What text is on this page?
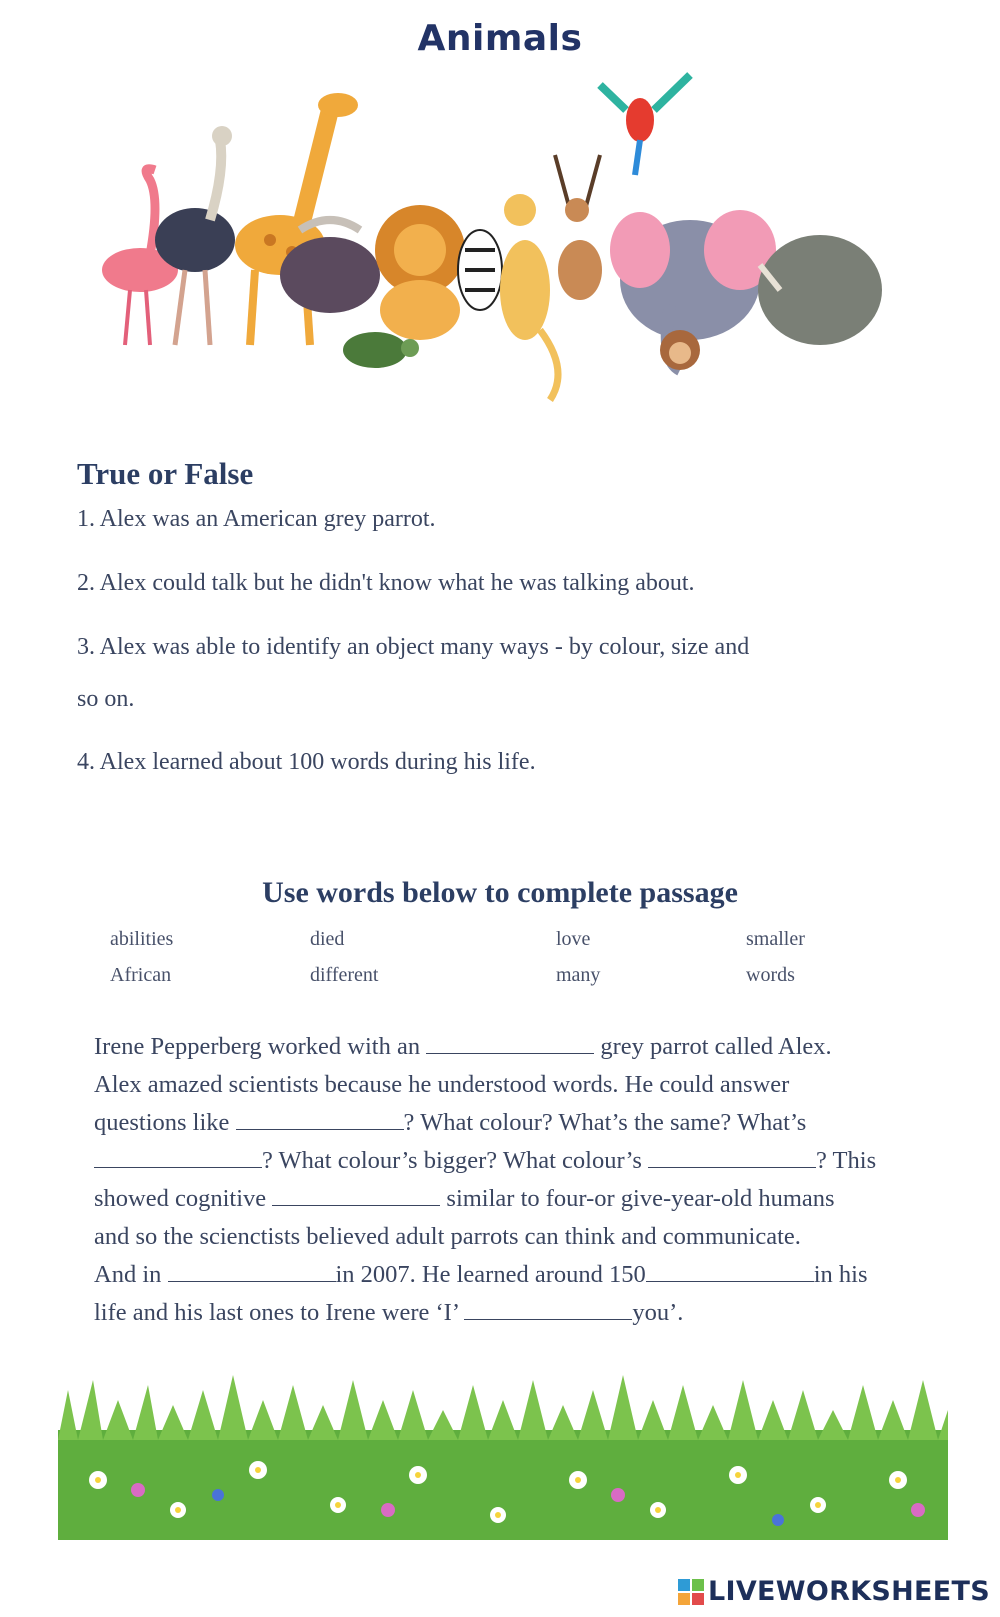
Animals
True or False

1. Alex was an American grey parrot.

2. Alex could talk but he didn't know what he was talking about.

3. Alex was able to identify an object many ways - by colour, size and

so on.

4. Alex learned about 100 words during his life.

Use words below to complete passage
abilities	died	love	smaller
African	different	many	words
Irene Pepperberg worked with an	grey parrot called Alex.
Alex amazed scientists because he understood words. He could answer
questions like	? What colour? What’s the same? What’s
? What colour’s bigger? What colour’s	? This
showed cognitive	similar to four-or give-year-old humans
and so the scienctists believed adult parrots can think and communicate.
And in	in 2007. He learned around 150	in his
life and his last ones to Irene were ‘I’	you’.
LIVEWORKSHEETS
